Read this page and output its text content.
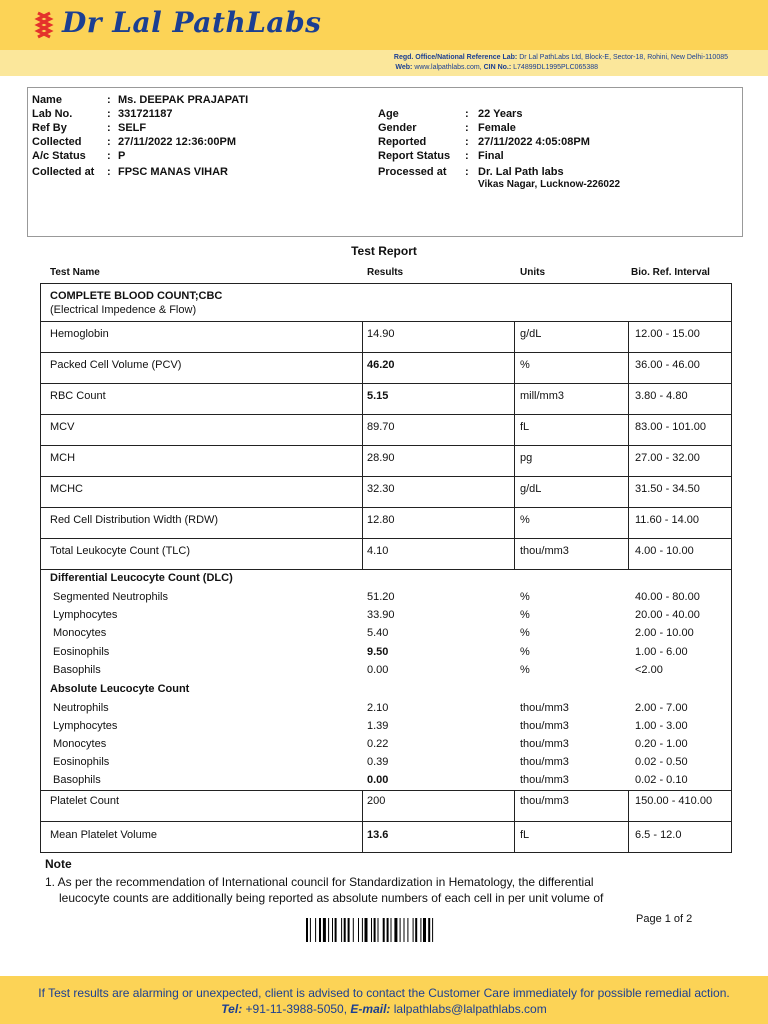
Dr Lal PathLabs
Regd. Office/National Reference Lab: Dr Lal PathLabs Ltd, Block-E, Sector-18, Rohini, New Delhi-110085
Web: www.lalpathlabs.com, CIN No.: L74899DL1995PLC065388
Name	: Ms. DEEPAK PRAJAPATI
Lab No.	: 331721187
Ref By	: SELF
Collected : 27/11/2022 12:36:00PM
A/c Status : P
Collected at : FPSC MANAS VIHAR
Age	: 22 Years
Gender	: Female
Reported	: 27/11/2022 4:05:08PM
Report Status : Final
Processed at : Dr. Lal Path labs
Vikas Nagar, Lucknow-226022
Test Report
Test Name	Results	Units	Bio. Ref. Interval
COMPLETE BLOOD COUNT;CBC
(Electrical Impedence & Flow)
Hemoglobin	14.90	g/dL	12.00 - 15.00
Packed Cell Volume (PCV)	46.20	%	36.00 - 46.00
RBC Count	5.15	mill/mm3	3.80 - 4.80
MCV	89.70	fL	83.00 - 101.00
MCH	28.90	pg	27.00 - 32.00
MCHC	32.30	g/dL	31.50 - 34.50
Red Cell Distribution Width (RDW)	12.80	%	11.60 - 14.00
Total Leukocyte Count (TLC)	4.10	thou/mm3	4.00 - 10.00
Differential Leucocyte Count (DLC)
Segmented Neutrophils	51.20	%	40.00 - 80.00
Lymphocytes	33.90	%	20.00 - 40.00
Monocytes	5.40	%	2.00 - 10.00
Eosinophils	9.50	%	1.00 - 6.00
Basophils	0.00	%	<2.00
Absolute Leucocyte Count
Neutrophils	2.10	thou/mm3	2.00 - 7.00
Lymphocytes	1.39	thou/mm3	1.00 - 3.00
Monocytes	0.22	thou/mm3	0.20 - 1.00
Eosinophils	0.39	thou/mm3	0.02 - 0.50
Basophils	0.00	thou/mm3	0.02 - 0.10
Platelet Count	200	thou/mm3	150.00 - 410.00
Mean Platelet Volume	13.6	fL	6.5 - 12.0
Note
1. As per the recommendation of International council for Standardization in Hematology, the differential
leucocyte counts are additionally being reported as absolute numbers of each cell in per unit volume of
Page 1 of 2
If Test results are alarming or unexpected, client is advised to contact the Customer Care immediately for possible remedial action.
Tel: +91-11-3988-5050, E-mail: lalpathlabs@lalpathlabs.com
